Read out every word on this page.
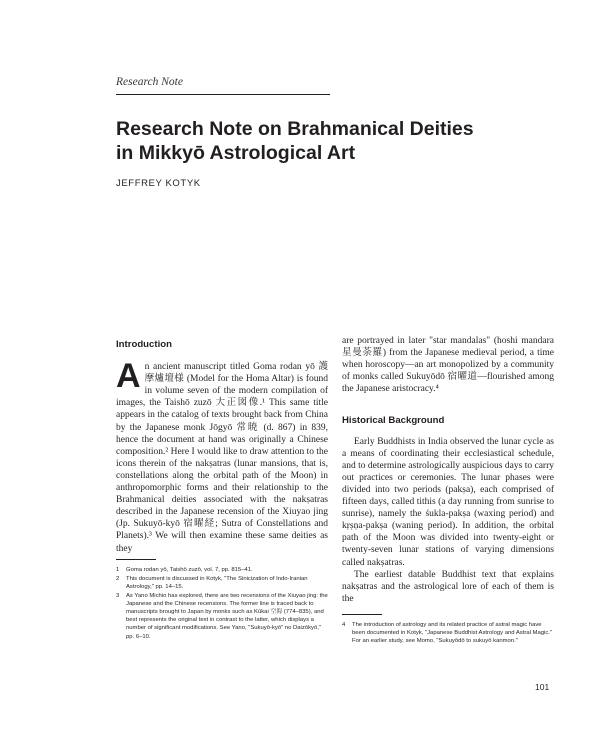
Research Note
Research Note on Brahmanical Deities in Mikkyō Astrological Art
JEFFREY KOTYK
Introduction

An ancient manuscript titled Goma rodan yō 護摩爐壇様 (Model for the Homa Altar) is found in volume seven of the modern compilation of images, the Taishō zuzō 大正図像.¹ This same title appears in the catalog of texts brought back from China by the Japanese monk Jōgyō 常暁 (d. 867) in 839, hence the document at hand was originally a Chinese composition.² Here I would like to draw attention to the icons therein of the nakṣatras (lunar mansions, that is, constellations along the orbital path of the Moon) in anthropomorphic forms and their relationship to the Brahmanical deities associated with the nakṣatras described in the Japanese recension of the Xiuyao jing (Jp. Sukuyō-kyō 宿曜経; Sutra of Constellations and Planets).³ We will then examine these same deities as they

1	Goma rodan yō, Taishō zuzō, vol. 7, pp. 815–41.
2	This document is discussed in Kotyk, "The Sinicization of Indo-Iranian Astrology," pp. 14–15.
3	As Yano Michio has explored, there are two recensions of the Xiuyao jing: the Japanese and the Chinese recensions. The former line is traced back to manuscripts brought to Japan by monks such as Kūkai 空海 (774–835), and best represents the original text in contrast to the latter, which displays a number of significant modifications. See Yano, "Sukuyō-kyō" no Daizōkyō," pp. 6–10.

are portrayed in later "star mandalas" (hoshi mandara 星曼荼羅) from the Japanese medieval period, a time when horoscopy—an art monopolized by a community of monks called Sukuyōdō 宿曜道—flourished among the Japanese aristocracy.⁴

Historical Background

Early Buddhists in India observed the lunar cycle as a means of coordinating their ecclesiastical schedule, and to determine astrologically auspicious days to carry out practices or ceremonies. The lunar phases were divided into two periods (pakṣa), each comprised of fifteen days, called tithis (a day running from sunrise to sunrise), namely the śukla-pakṣa (waxing period) and kṛṣṇa-pakṣa (waning period). In addition, the orbital path of the Moon was divided into twenty-eight or twenty-seven lunar stations of varying dimensions called nakṣatras.

The earliest datable Buddhist text that explains nakṣatras and the astrological lore of each of them is the

4	The introduction of astrology and its related practice of astral magic have been documented in Kotyk, "Japanese Buddhist Astrology and Astral Magic." For an earlier study, see Momo, "Sukuyōdō to sukuyō kanmon."
101
